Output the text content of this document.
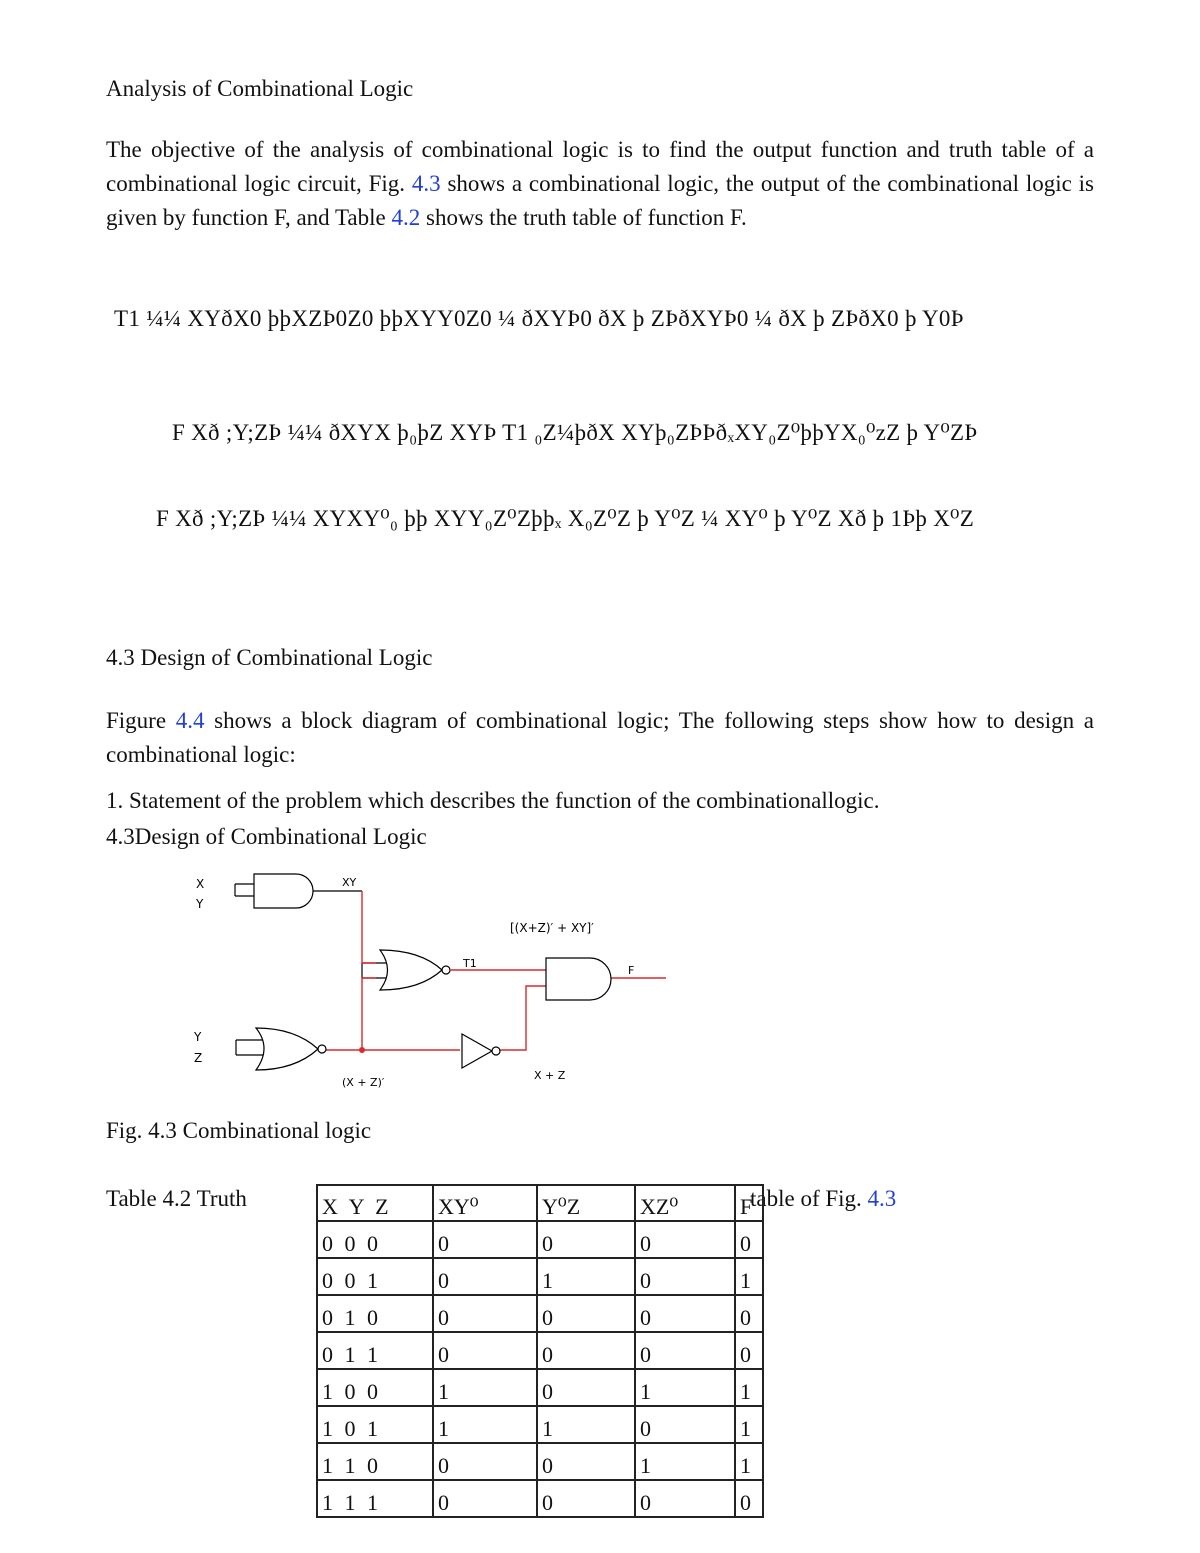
Analysis of Combinational Logic
The objective of the analysis of combinational logic is to find the output function and truth table of a combinational logic circuit, Fig. 4.3 shows a combinational logic, the output of the combinational logic is given by function F, and Table 4.2 shows the truth table of function F.
T1 ¼¼ XYðX0 þþXZÞ0Z0 þþXYY0Z0 ¼ ðXYÞ0 ðX þ ZÞðXYÞ0 ¼ ðX þ ZÞðX0 þ Y0Þ
F Xð ;Y;ZÞ ¼¼ ðXYX þ₀þZ XYÞ T1 ₀Z¼þðX XYþ₀ZÞÞðₓXY₀Z⁰þþYX₀⁰zZ þ Y⁰ZÞ
F Xð ;Y;ZÞ ¼¼ XYXY⁰₀ þþ XYY₀Z⁰Zþþₓ X₀Z⁰Z þ Y⁰Z ¼ XY⁰ þ Y⁰Z Xð þ 1Þþ X⁰Z
4.3 Design of Combinational Logic
Figure 4.4 shows a block diagram of combinational logic; The following steps show how to design a combinational logic:
1. Statement of the problem which describes the function of the combinationallogic.
4.3Design of Combinational Logic
X
Y
Y
Z
XY
T1
(X + Z)′
X + Z
F
[(X+Z)′ + XY]′
Fig. 4.3 Combinational logic
Table 4.2 Truth	table of Fig. 4.3
X Y Z	XY⁰	Y⁰Z	XZ⁰	F
0 0 0	0	0	0	0
0 0 1	0	1	0	1
0 1 0	0	0	0	0
0 1 1	0	0	0	0
1 0 0	1	0	1	1
1 0 1	1	1	0	1
1 1 0	0	0	1	1
1 1 1	0	0	0	0
